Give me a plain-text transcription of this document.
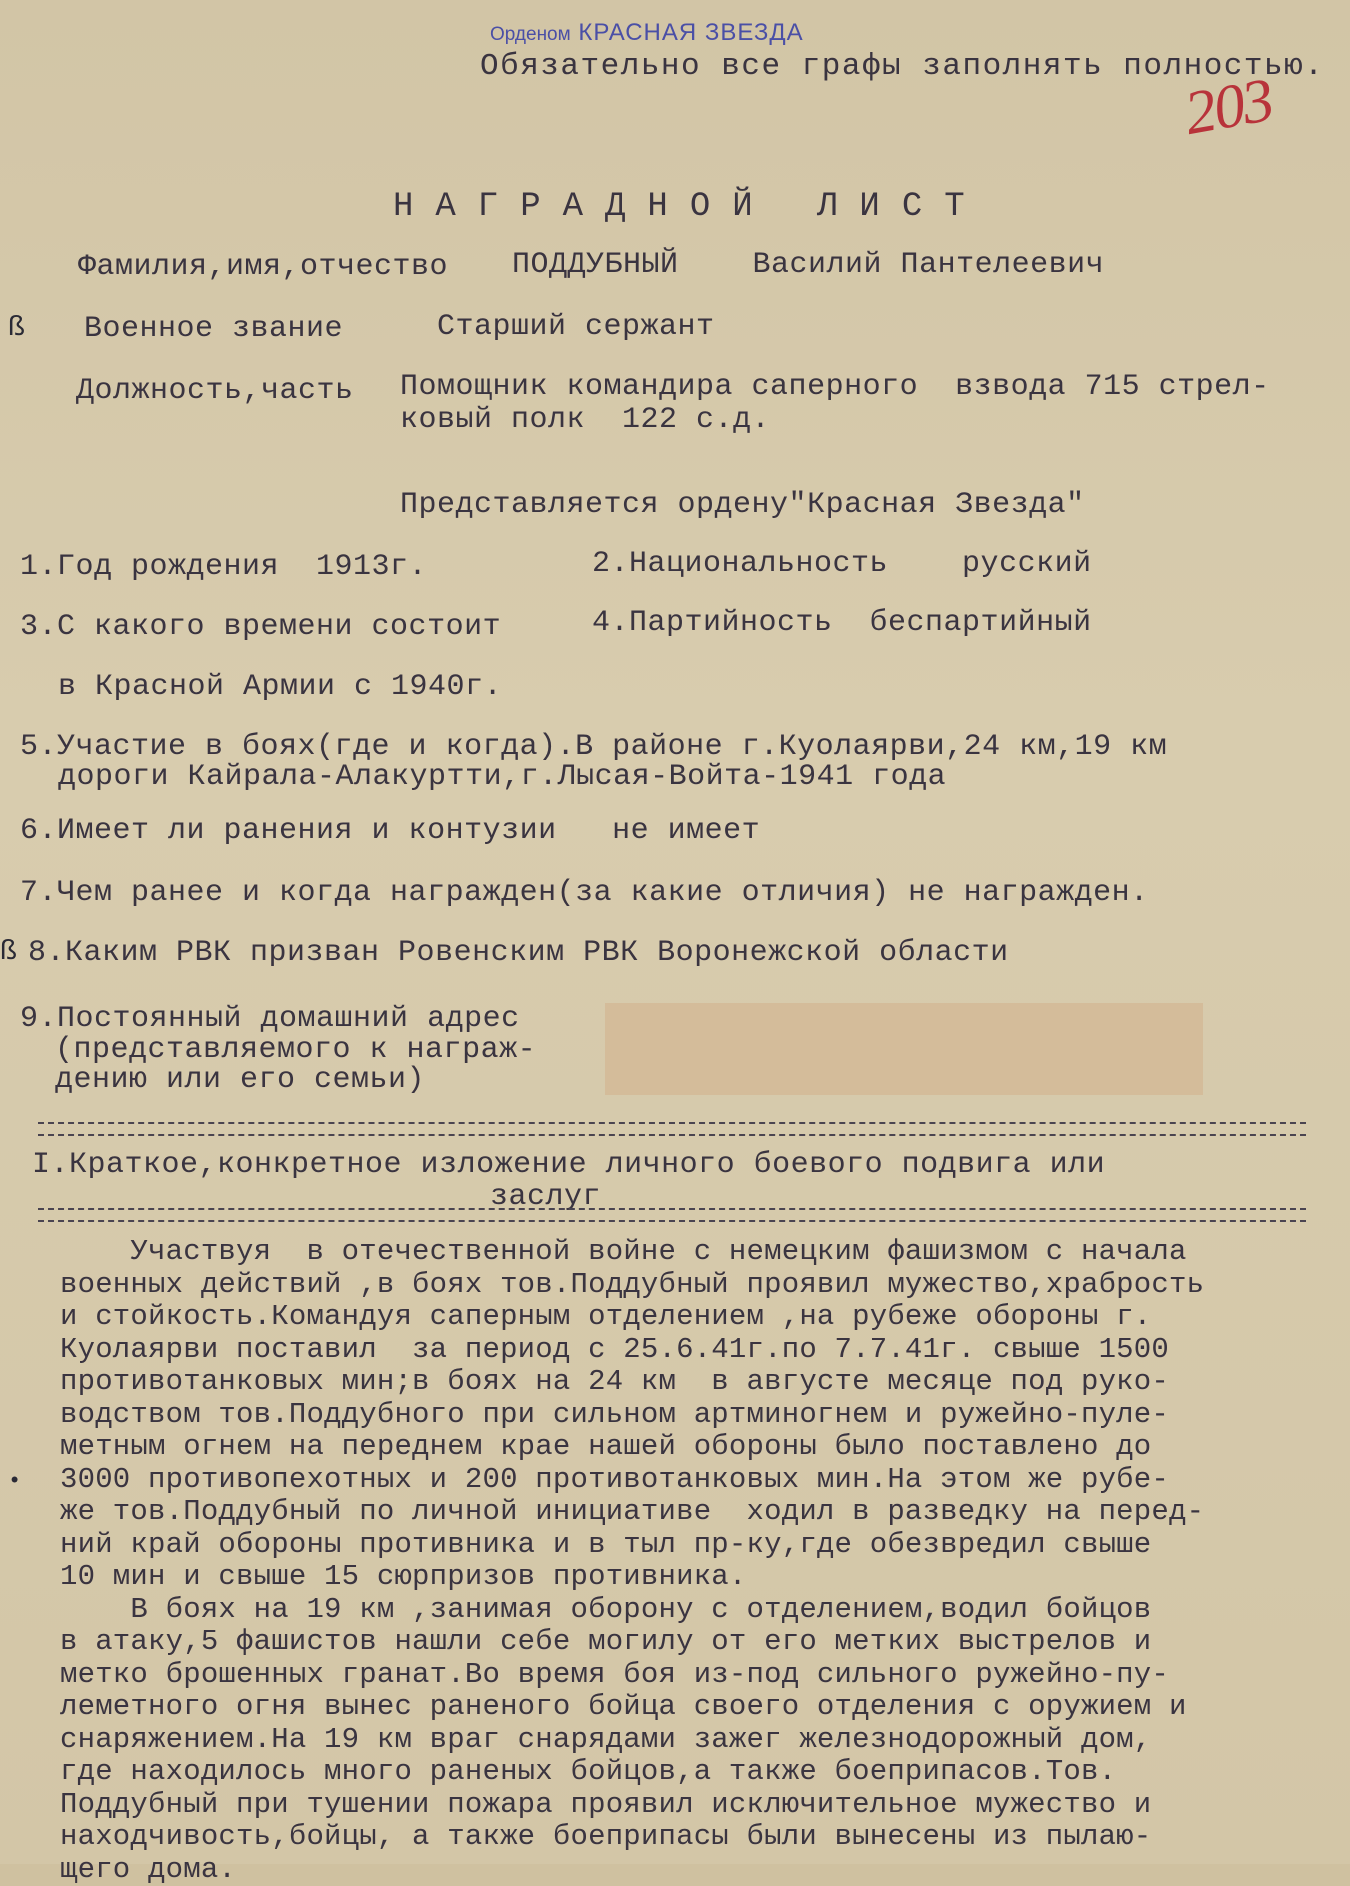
Орденом КРАСНАЯ ЗВЕЗДА
Обязательно все графы заполнять полностью.
203
НАГРАДНОЙ ЛИСТ
Фамилия,имя,отчество ПОДДУБНЫЙ    Василий Пантелеевич
ß Военное звание	Старший сержант
Должность,часть Помощник командира саперного  взвода 715 стрел-
ковый полк  122 с.д.
Представляется ордену"Красная Звезда"
1.Год рождения  1913г.	2.Национальность    русский
3.С какого времени состоит	4.Партийность  беспартийный
в Красной Армии с 1940г.
5.Участие в боях(где и когда).В районе г.Куолаярви,24 км,19 км
дороги Кайрала-Алакуртти,г.Лысая-Войта-1941 года
6.Имеет ли ранения и контузии   не имеет
7.Чем ранее и когда награжден(за какие отличия) не награжден.
ß 8.Каким РВК призван Ровенским РВК Воронежской области
9.Постоянный домашний адрес
(представляемого к награж-
дению или его семьи)
I.Краткое,конкретное изложение личного боевого подвига или
заслуг
•
Участвуя  в отечественной войне с немецким фашизмом с начала
военных действий ,в боях тов.Поддубный проявил мужество,храбрость
и стойкость.Командуя саперным отделением ,на рубеже обороны г.
Куолаярви поставил  за период с 25.6.41г.по 7.7.41г. свыше 1500
противотанковых мин;в боях на 24 км  в августе месяце под руко-
водством тов.Поддубного при сильном артминогнем и ружейно-пуле-
метным огнем на переднем крае нашей обороны было поставлено до
3000 противопехотных и 200 противотанковых мин.На этом же рубе-
же тов.Поддубный по личной инициативе  ходил в разведку на перед-
ний край обороны противника и в тыл пр-ку,где обезвредил свыше
10 мин и свыше 15 сюрпризов противника.
В боях на 19 км ,занимая оборону с отделением,водил бойцов
в атаку,5 фашистов нашли себе могилу от его метких выстрелов и
метко брошенных гранат.Во время боя из-под сильного ружейно-пу-
леметного огня вынес раненого бойца своего отделения с оружием и
снаряжением.На 19 км враг снарядами зажег железнодорожный дом,
где находилось много раненых бойцов,а также боеприпасов.Тов.
Поддубный при тушении пожара проявил исключительное мужество и
находчивость,бойцы, а также боеприпасы были вынесены из пылаю-
щего дома.
